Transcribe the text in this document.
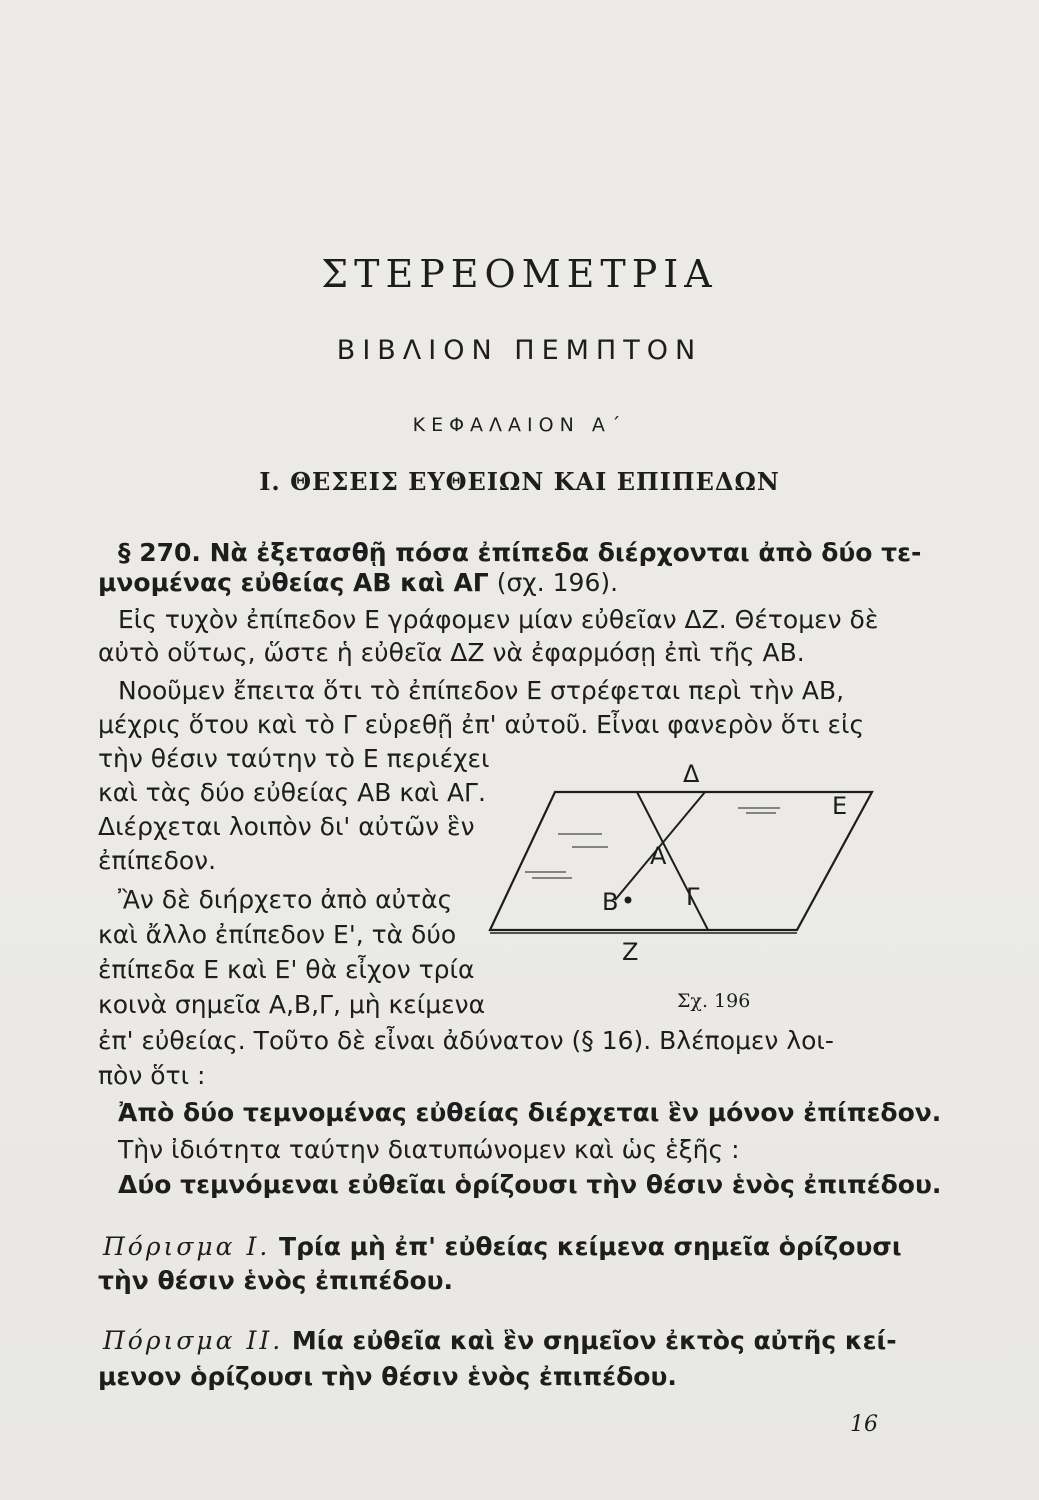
ΣΤΕΡΕΟΜΕΤΡΙΑ
ΒΙΒΛΙΟΝ ΠΕΜΠΤΟΝ
ΚΕΦΑΛΑΙΟΝ Α΄
Ι. ΘΕΣΕΙΣ ΕΥΘΕΙΩΝ ΚΑΙ ΕΠΙΠΕΔΩΝ
§ 270. Νὰ ἐξετασθῇ πόσα ἐπίπεδα διέρχονται ἀπὸ δύο τε-
μνομένας εὐθείας ΑΒ καὶ ΑΓ (σχ. 196).
Εἰς τυχὸν ἐπίπεδον Ε γράφομεν μίαν εὐθεῖαν ΔΖ. Θέτομεν δὲ
αὐτὸ οὕτως, ὥστε ἡ εὐθεῖα ΔΖ νὰ ἐφαρμόσῃ ἐπὶ τῆς ΑΒ.
Νοοῦμεν ἔπειτα ὅτι τὸ ἐπίπεδον Ε στρέφεται περὶ τὴν ΑΒ,
μέχρις ὅτου καὶ τὸ Γ εὑρεθῇ ἐπ' αὐτοῦ. Εἶναι φανερὸν ὅτι εἰς
τὴν θέσιν ταύτην τὸ Ε περιέχει
καὶ τὰς δύο εὐθείας ΑΒ καὶ ΑΓ.
Διέρχεται λοιπὸν δι' αὐτῶν ἓν
ἐπίπεδον.
Ἂν δὲ διήρχετο ἀπὸ αὐτὰς
καὶ ἄλλο ἐπίπεδον Ε', τὰ δύο
ἐπίπεδα Ε καὶ Ε' θὰ εἶχον τρία
κοινὰ σημεῖα Α,Β,Γ, μὴ κείμενα
ἐπ' εὐθείας. Τοῦτο δὲ εἶναι ἀδύνατον (§ 16). Βλέπομεν λοι-
πὸν ὅτι :
Ἀπὸ δύο τεμνομένας εὐθείας διέρχεται ἓν μόνον ἐπίπεδον.
Τὴν ἰδιότητα ταύτην διατυπώνομεν καὶ ὡς ἑξῆς :
Δύο τεμνόμεναι εὐθεῖαι ὁρίζουσι τὴν θέσιν ἑνὸς ἐπιπέδου.
Πόρισμα Ι. Τρία μὴ ἐπ' εὐθείας κείμενα σημεῖα ὁρίζουσι
τὴν θέσιν ἑνὸς ἐπιπέδου.
Πόρισμα ΙΙ. Μία εὐθεῖα καὶ ἓν σημεῖον ἐκτὸς αὐτῆς κεί-
μενον ὁρίζουσι τὴν θέσιν ἑνὸς ἐπιπέδου.
Δ
Ε
Α
Β	Γ
Ζ
Σχ. 196
16
